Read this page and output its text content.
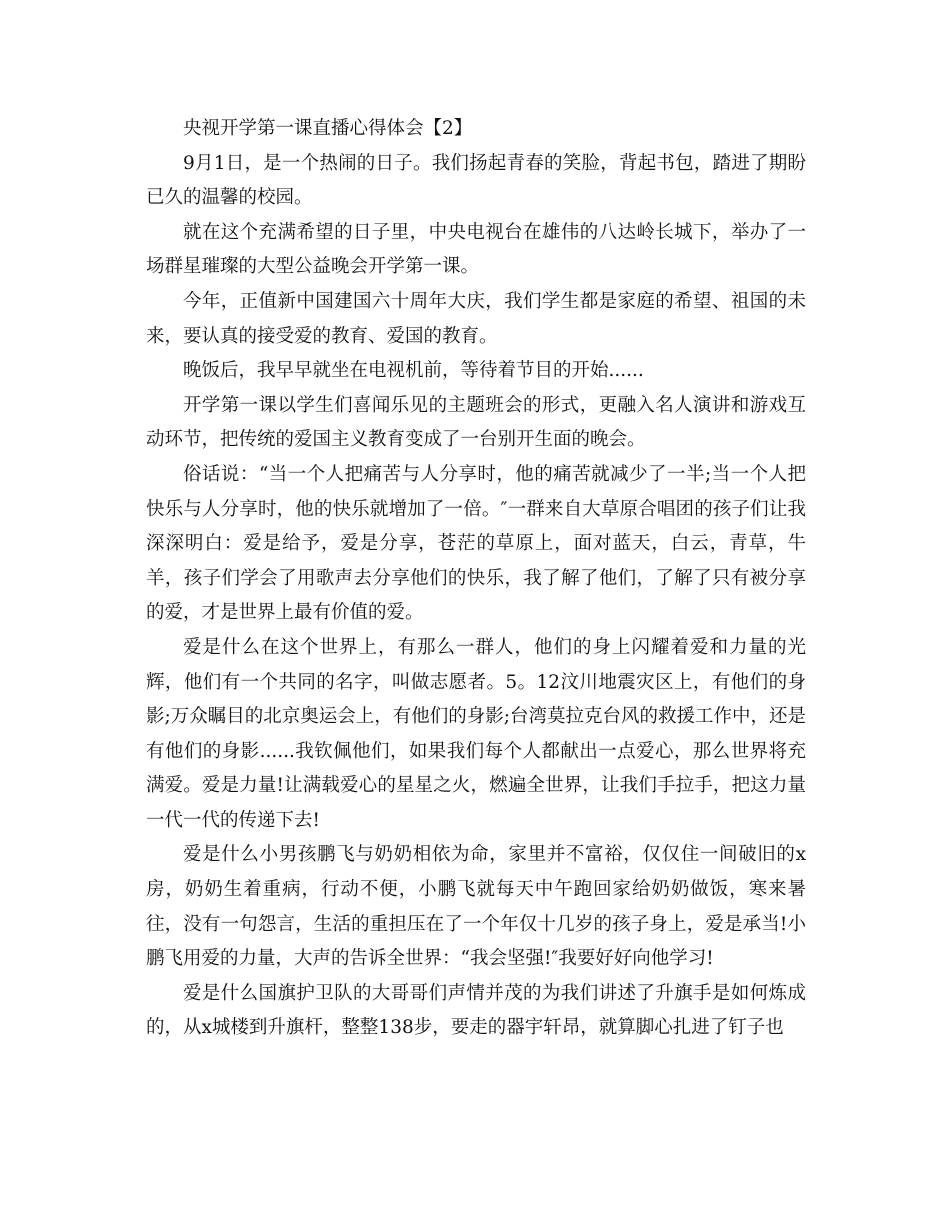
央视开学第一课直播心得体会【2】

9月1日，是一个热闹的日子。我们扬起青春的笑脸，背起书包，踏进了期盼已久的温馨的校园。

就在这个充满希望的日子里，中央电视台在雄伟的八达岭长城下，举办了一场群星璀璨的大型公益晚会开学第一课。

今年，正值新中国建国六十周年大庆，我们学生都是家庭的希望、祖国的未来，要认真的接受爱的教育、爱国的教育。

晚饭后，我早早就坐在电视机前，等待着节目的开始......

开学第一课以学生们喜闻乐见的主题班会的形式，更融入名人演讲和游戏互动环节，把传统的爱国主义教育变成了一台别开生面的晚会。

俗话说：“当一个人把痛苦与人分享时，他的痛苦就减少了一半;当一个人把快乐与人分享时，他的快乐就增加了一倍。″一群来自大草原合唱团的孩子们让我深深明白：爱是给予，爱是分享，苍茫的草原上，面对蓝天，白云，青草，牛羊，孩子们学会了用歌声去分享他们的快乐，我了解了他们，了解了只有被分享的爱，才是世界上最有价值的爱。

爱是什么在这个世界上，有那么一群人，他们的身上闪耀着爱和力量的光辉，他们有一个共同的名字，叫做志愿者。5。12汶川地震灾区上，有他们的身影;万众瞩目的北京奥运会上，有他们的身影;台湾莫拉克台风的救援工作中，还是有他们的身影......我钦佩他们，如果我们每个人都献出一点爱心，那么世界将充满爱。爱是力量!让满载爱心的星星之火，燃遍全世界，让我们手拉手，把这力量一代一代的传递下去!

爱是什么小男孩鹏飞与奶奶相依为命，家里并不富裕，仅仅住一间破旧的x房，奶奶生着重病，行动不便，小鹏飞就每天中午跑回家给奶奶做饭，寒来暑往，没有一句怨言，生活的重担压在了一个年仅十几岁的孩子身上，爱是承当!小鹏飞用爱的力量，大声的告诉全世界：“我会坚强!″我要好好向他学习!

爱是什么国旗护卫队的大哥哥们声情并茂的为我们讲述了升旗手是如何炼成的，从x城楼到升旗杆，整整138步，要走的器宇轩昂，就算脚心扎进了钉子也
